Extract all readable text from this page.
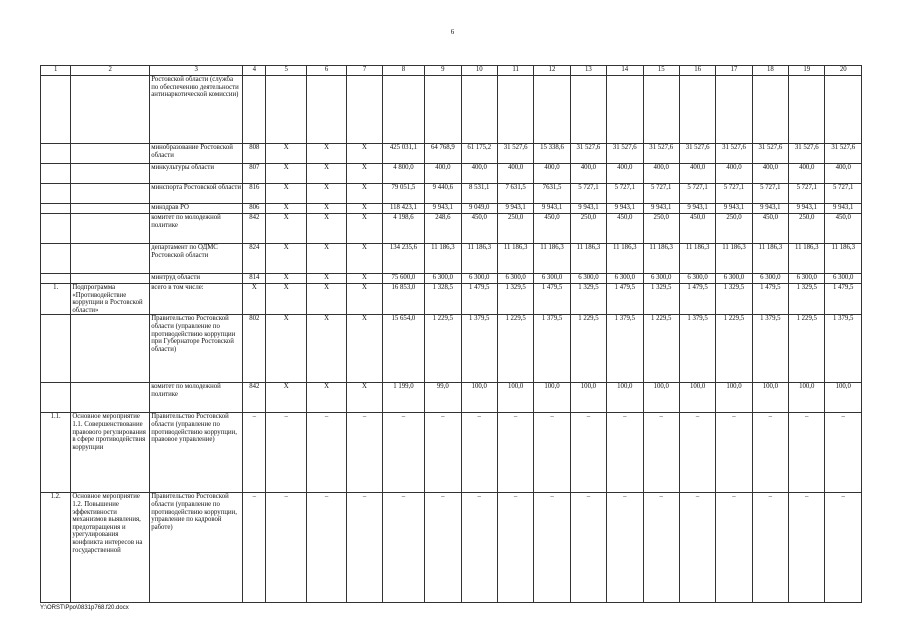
6
1	2	3	4	5	6	7	8	9	10	11	12	13	14	15	16	17	18	19	20
		Ростовской области (служба по обеспечению деятельности антинаркотической комиссии)																	
		минобразование Ростовской области	808	X	X	X	425 031,1	64 768,9	61 175,2	31 527,6	15 338,6	31 527,6	31 527,6	31 527,6	31 527,6	31 527,6	31 527,6	31 527,6	31 527,6
		минкультуры области	807	X	X	X	4 800,0	400,0	400,0	400,0	400,0	400,0	400,0	400,0	400,0	400,0	400,0	400,0	400,0
		минспорта Ростовской области	816	X	X	X	79 051,5	9 440,6	8 531,1	7 631,5	7631,5	5 727,1	5 727,1	5 727,1	5 727,1	5 727,1	5 727,1	5 727,1	5 727,1
		минздрав РО	806	X	X	X	118 423,1	9 943,1	9 049,0	9 943,1	9 943,1	9 943,1	9 943,1	9 943,1	9 943,1	9 943,1	9 943,1	9 943,1	9 943,1
		комитет по молодежной политике	842	X	X	X	4 198,6	248,6	450,0	250,0	450,0	250,0	450,0	250,0	450,0	250,0	450,0	250,0	450,0
		департамент по ОДМС Ростовской области	824	X	X	X	134 235,6	11 186,3	11 186,3	11 186,3	11 186,3	11 186,3	11 186,3	11 186,3	11 186,3	11 186,3	11 186,3	11 186,3	11 186,3
		минтруд области	814	X	X	X	75 600,0	6 300,0	6 300,0	6 300,0	6 300,0	6 300,0	6 300,0	6 300,0	6 300,0	6 300,0	6 300,0	6 300,0	6 300,0
1.	Подпрограмма «Противодействие коррупции в Ростовской области»	всего в том числе:	X	X	X	X	16 853,0	1 328,5	1 479,5	1 329,5	1 479,5	1 329,5	1 479,5	1 329,5	1 479,5	1 329,5	1 479,5	1 329,5	1 479,5
		Правительство Ростовской области (управление по противодействию коррупции при Губернаторе Ростовской области)	802	X	X	X	15 654,0	1 229,5	1 379,5	1 229,5	1 379,5	1 229,5	1 379,5	1 229,5	1 379,5	1 229,5	1 379,5	1 229,5	1 379,5
		комитет по молодежной политике	842	X	X	X	1 199,0	99,0	100,0	100,0	100,0	100,0	100,0	100,0	100,0	100,0	100,0	100,0	100,0
1.1.	Основное мероприятие 1.1. Совершенствование правового регулирования в сфере противодействия коррупции	Правительство Ростовской области (управление по противодействию коррупции, правовое управление)	–	–	–	–	–	–	–	–	–	–	–	–	–	–	–	–	–
1.2.	Основное мероприятие 1.2. Повышение эффективности механизмов выявления, предотвращения и урегулирования конфликта интересов на государственной	Правительство Ростовской области (управление по противодействию коррупции, управление по кадровой работе)	–	–	–	–	–	–	–	–	–	–	–	–	–	–	–	–	–
Y:\ORST\Ppo\0831p768.f20.docx
